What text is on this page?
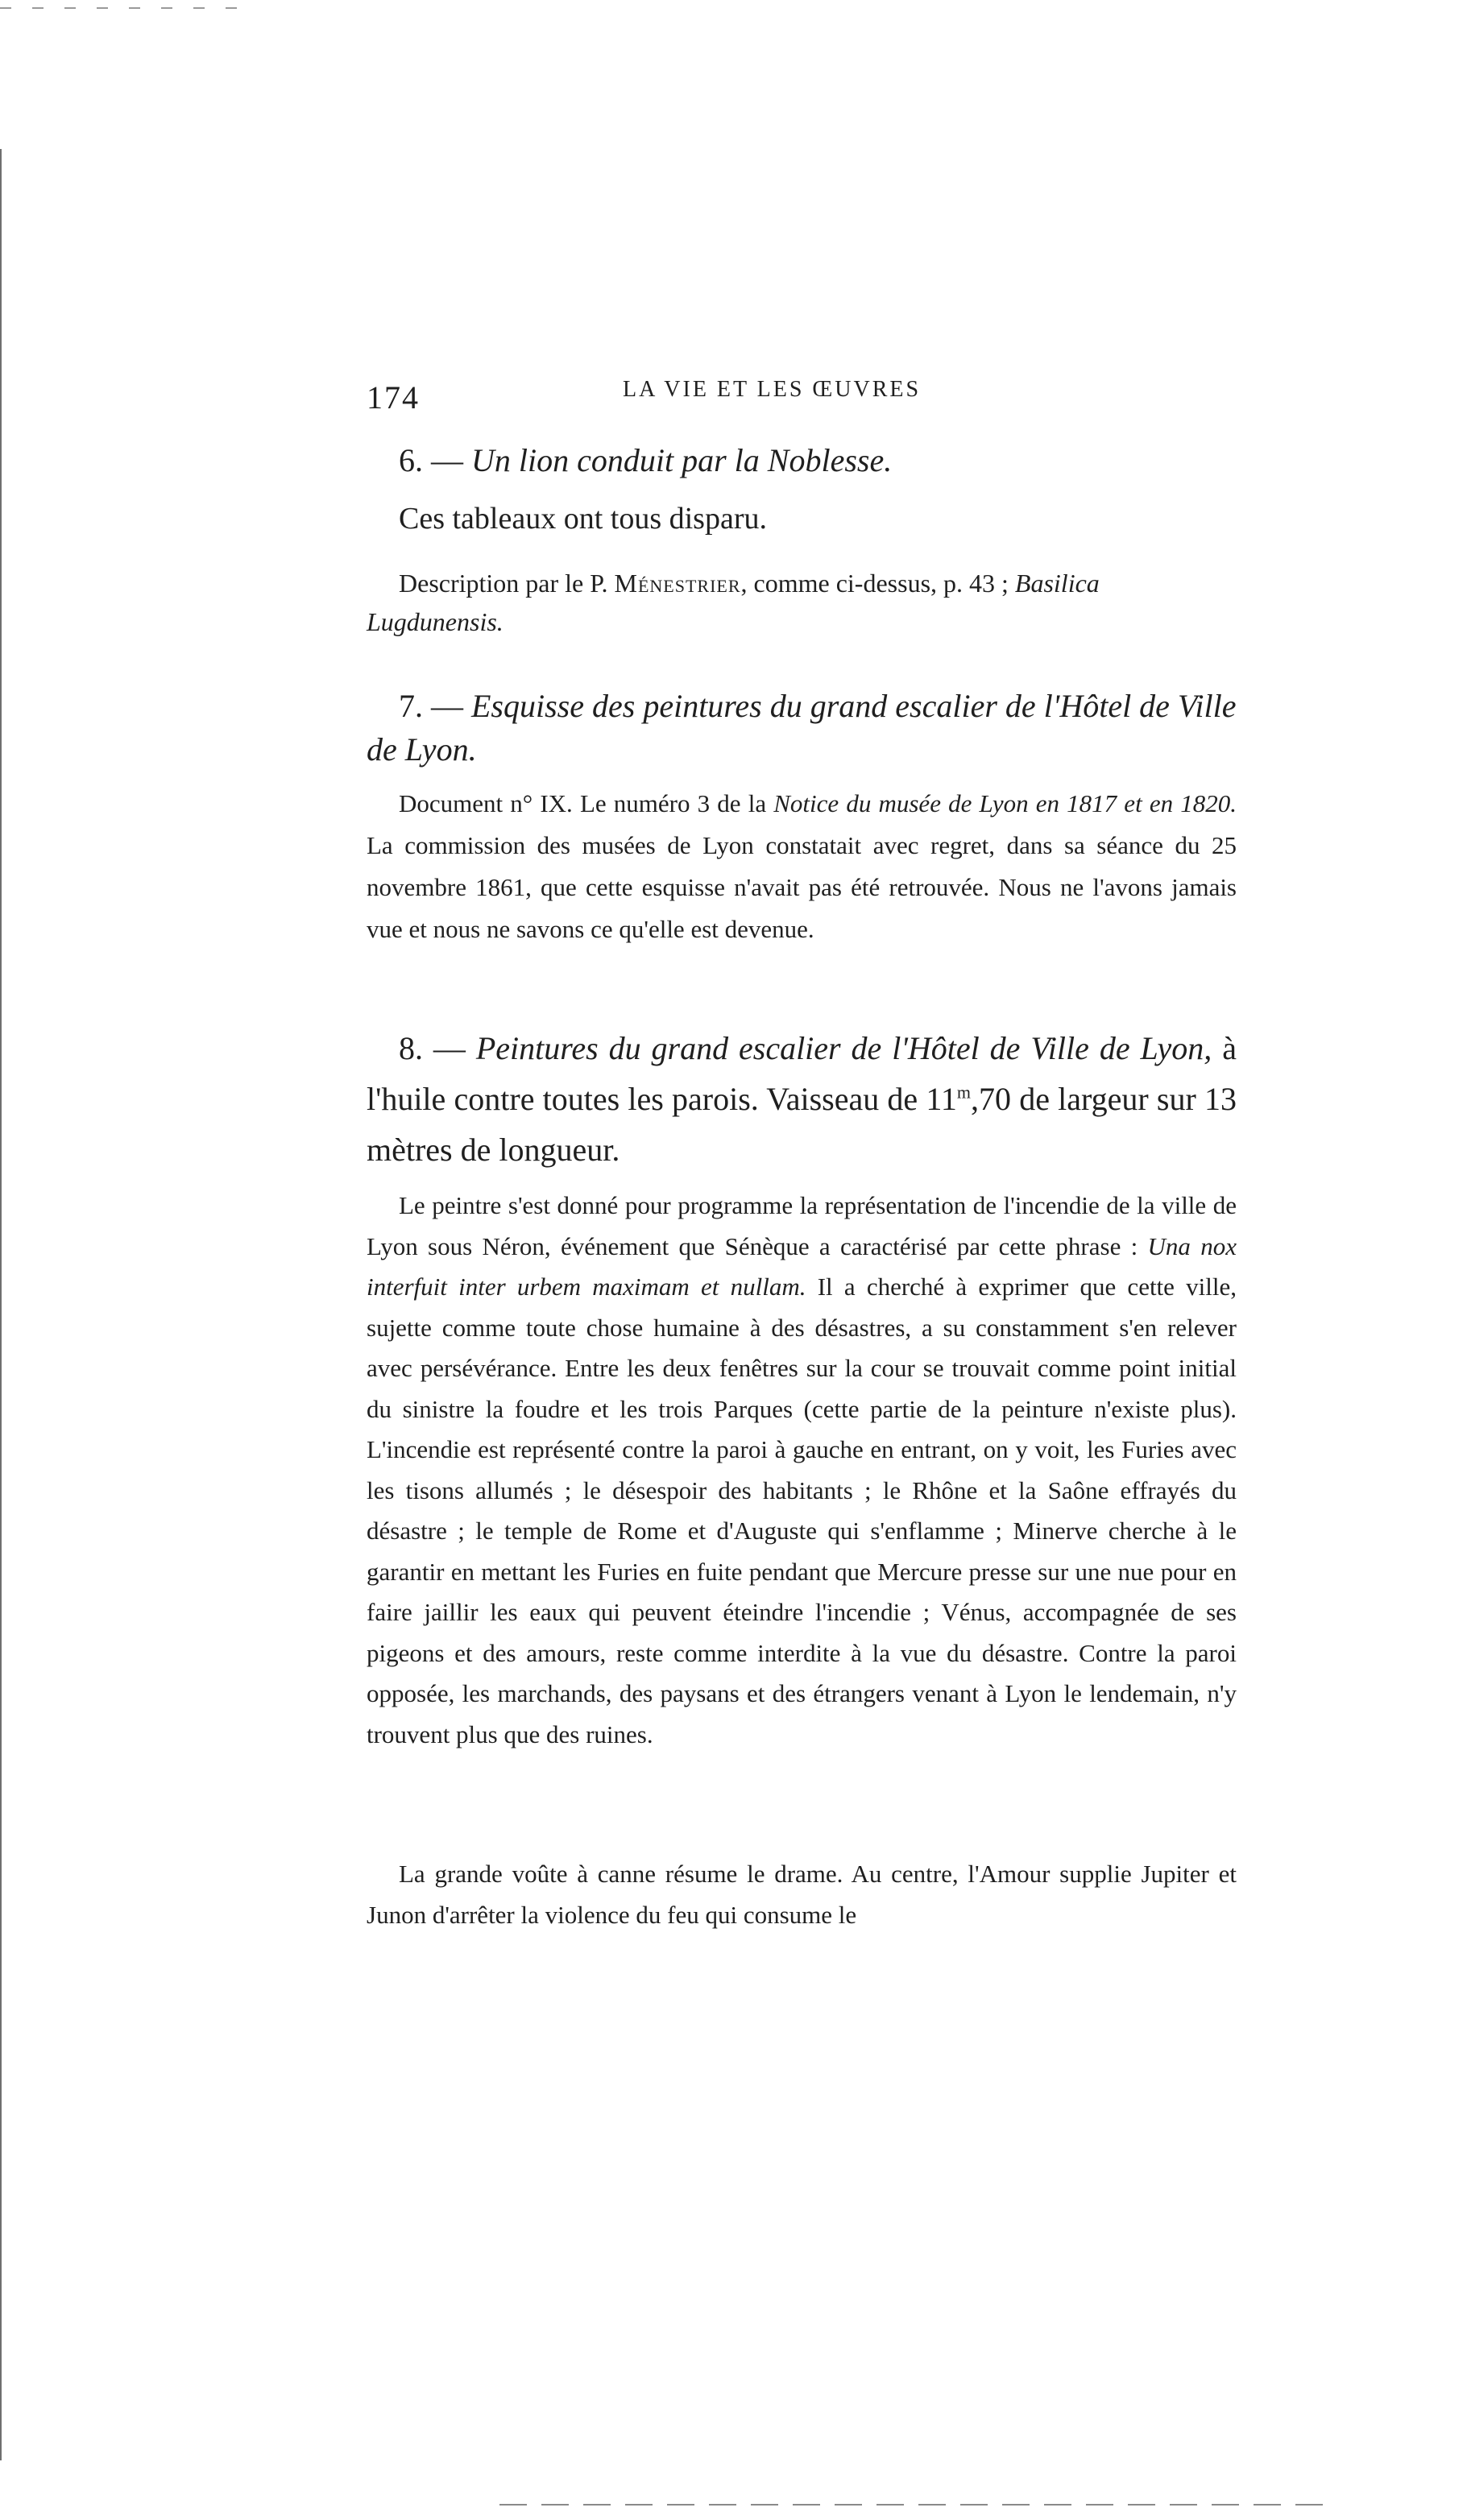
174	LA VIE ET LES ŒUVRES
6. — Un lion conduit par la Noblesse.
Ces tableaux ont tous disparu.
Description par le P. Ménestrier, comme ci-dessus, p. 43 ; Basilica Lugdunensis.
7. — Esquisse des peintures du grand escalier de l'Hôtel de Ville de Lyon.
Document n° IX. Le numéro 3 de la Notice du musée de Lyon en 1817 et en 1820. La commission des musées de Lyon constatait avec regret, dans sa séance du 25 novembre 1861, que cette esquisse n'avait pas été retrouvée. Nous ne l'avons jamais vue et nous ne savons ce qu'elle est devenue.
8. — Peintures du grand escalier de l'Hôtel de Ville de Lyon, à l'huile contre toutes les parois. Vaisseau de 11$^m$,70 de largeur sur 13 mètres de longueur.
Le peintre s'est donné pour programme la représentation de l'incendie de la ville de Lyon sous Néron, événement que Sénèque a caractérisé par cette phrase : Una nox interfuit inter urbem maximam et nullam. Il a cherché à exprimer que cette ville, sujette comme toute chose humaine à des désastres, a su constamment s'en relever avec persévérance. Entre les deux fenêtres sur la cour se trouvait comme point initial du sinistre la foudre et les trois Parques (cette partie de la peinture n'existe plus). L'incendie est représenté contre la paroi à gauche en entrant, on y voit, les Furies avec les tisons allumés ; le désespoir des habitants ; le Rhône et la Saône effrayés du désastre ; le temple de Rome et d'Auguste qui s'enflamme ; Minerve cherche à le garantir en mettant les Furies en fuite pendant que Mercure presse sur une nue pour en faire jaillir les eaux qui peuvent éteindre l'incendie ; Vénus, accompagnée de ses pigeons et des amours, reste comme interdite à la vue du désastre. Contre la paroi opposée, les marchands, des paysans et des étrangers venant à Lyon le lendemain, n'y trouvent plus que des ruines.
La grande voûte à canne résume le drame. Au centre, l'Amour supplie Jupiter et Junon d'arrêter la violence du feu qui consume le
